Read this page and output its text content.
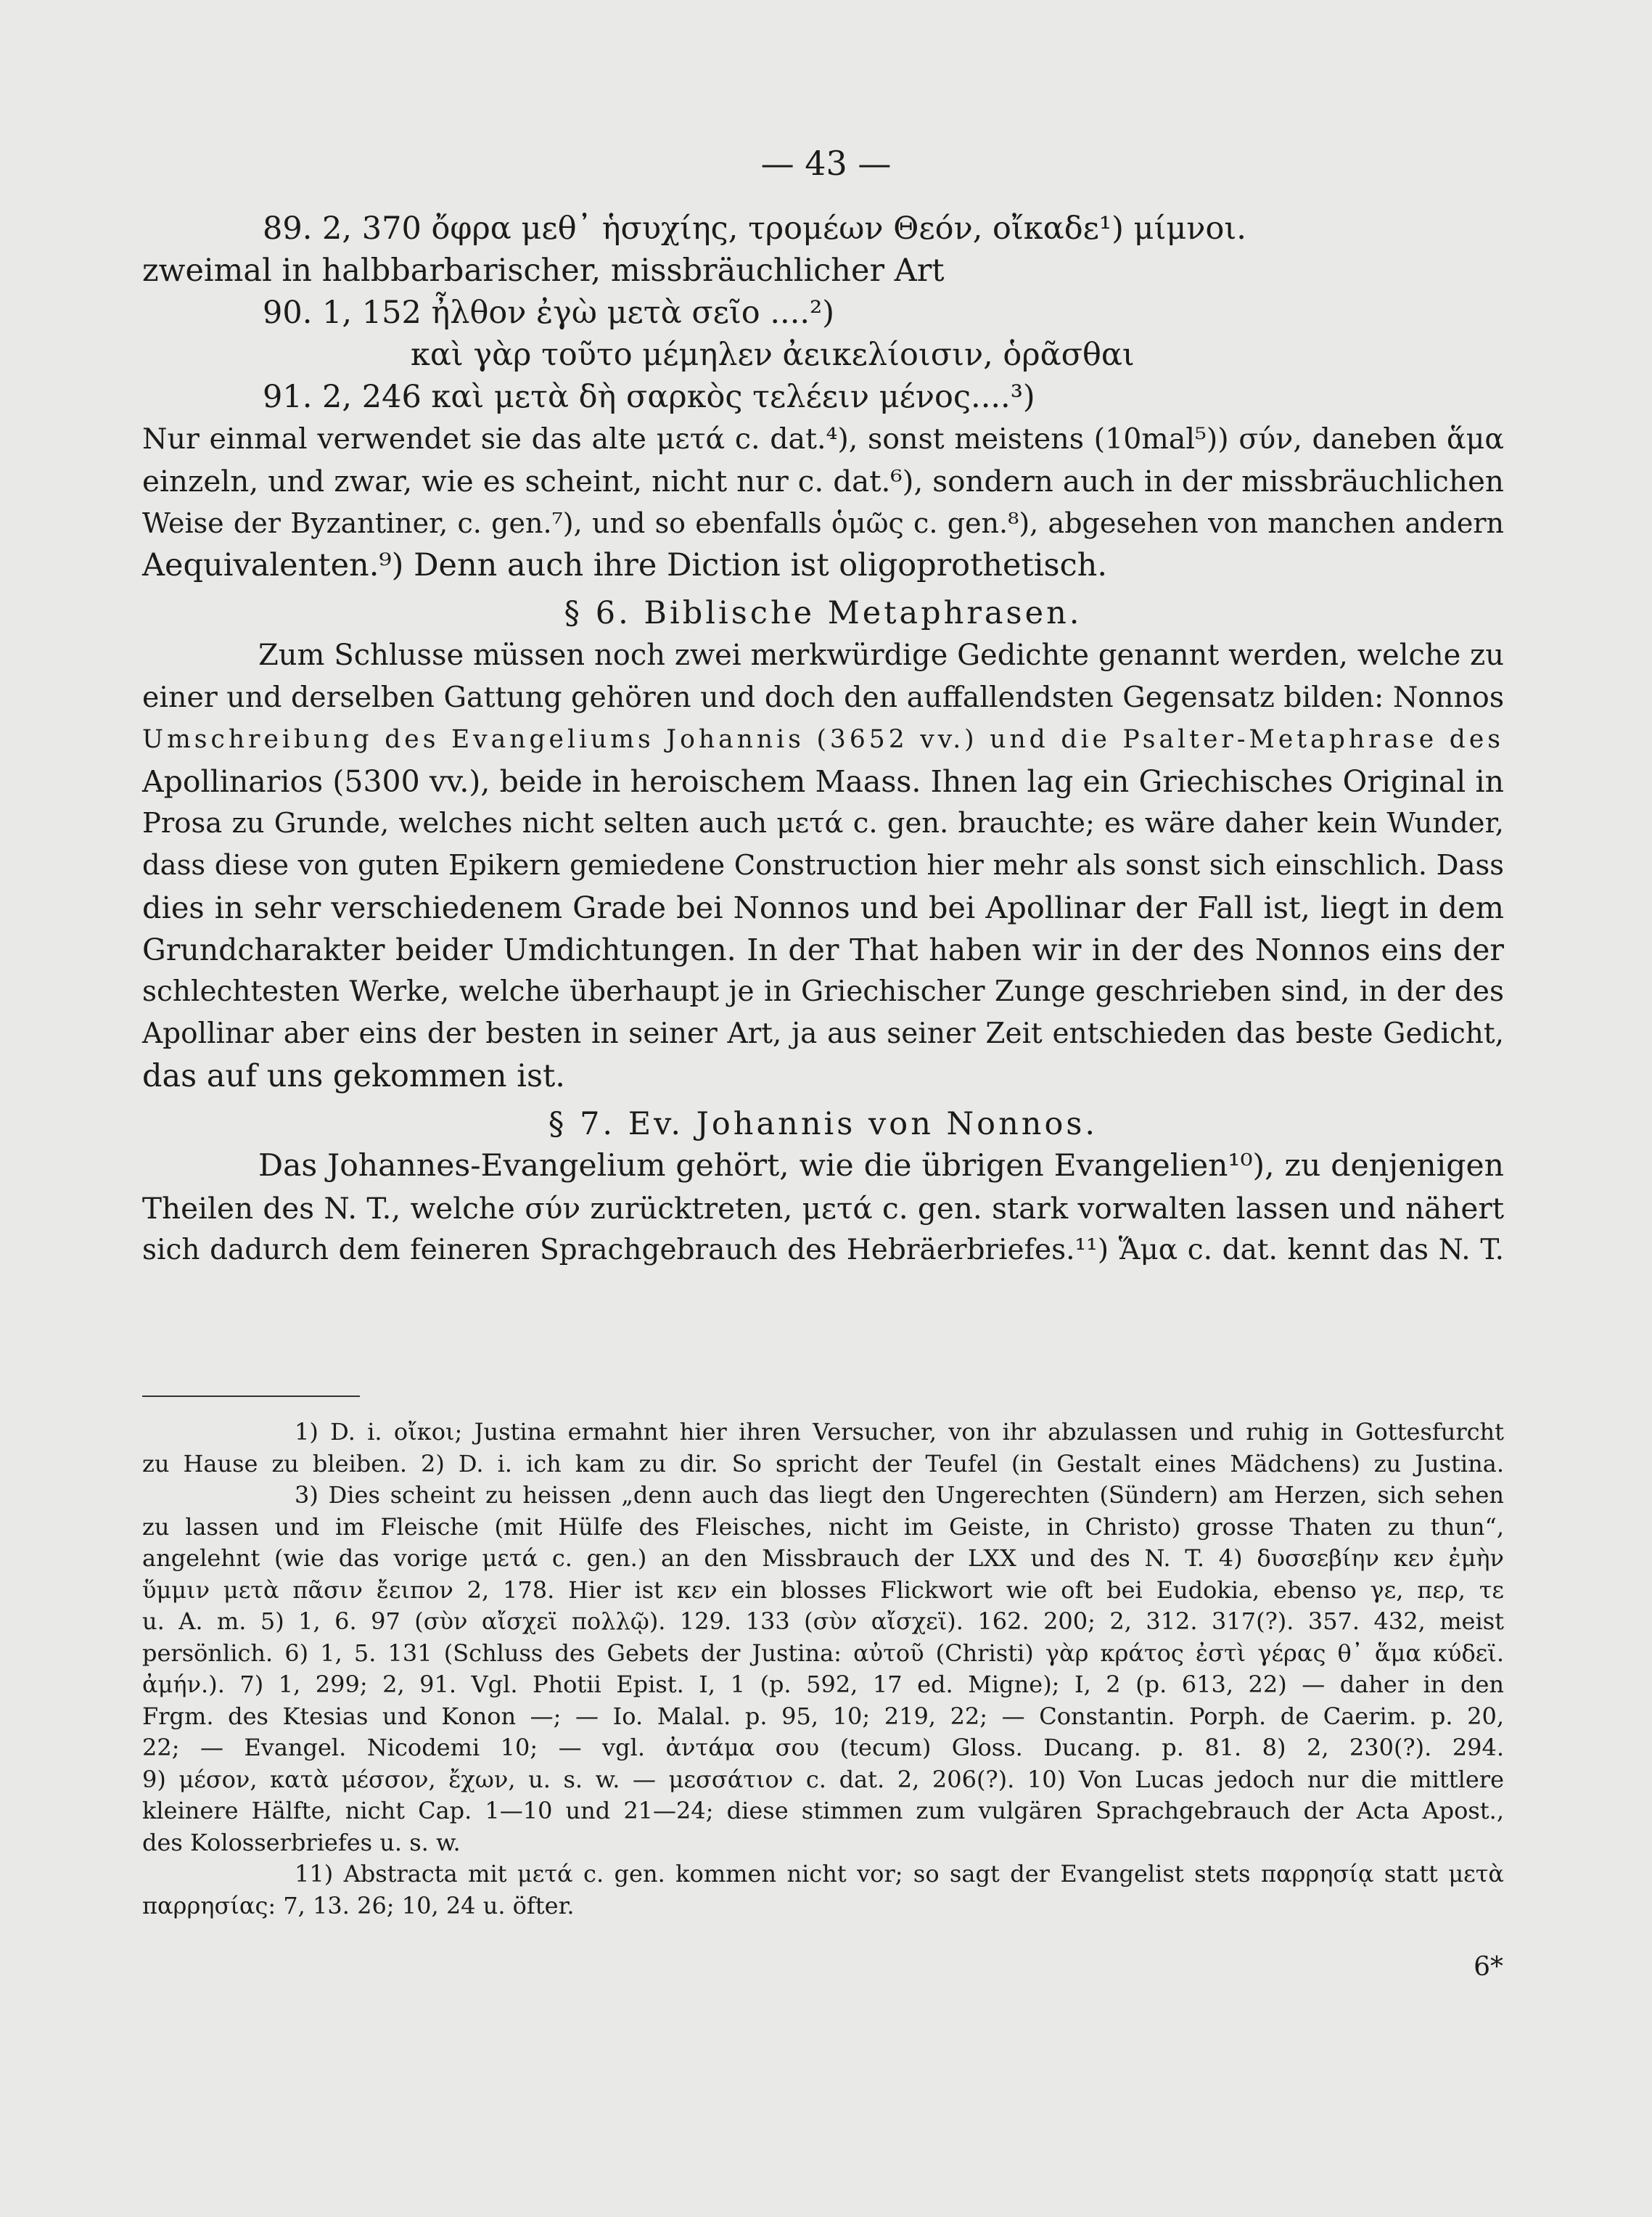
— 43 —
89. 2, 370 ὄφρα μεθ᾽ ἡσυχίης, τρομέων Θεόν, οἴκαδε¹) μίμνοι.
zweimal in halbbarbarischer, missbräuchlicher Art
90. 1, 152 ἦλθον ἐγὼ μετὰ σεῖο ....²)
καὶ γὰρ τοῦτο μέμηλεν ἀεικελίοισιν, ὁρᾶσθαι
91. 2, 246 καὶ μετὰ δὴ σαρκὸς τελέειν μένος....³)
Nur einmal verwendet sie das alte μετά c. dat.⁴), sonst meistens (10mal⁵)) σύν, daneben ἅμα
einzeln, und zwar, wie es scheint, nicht nur c. dat.⁶), sondern auch in der missbräuchlichen
Weise der Byzantiner, c. gen.⁷), und so ebenfalls ὁμῶς c. gen.⁸), abgesehen von manchen andern
Aequivalenten.⁹) Denn auch ihre Diction ist oligoprothetisch.
§ 6. Biblische Metaphrasen.
Zum Schlusse müssen noch zwei merkwürdige Gedichte genannt werden, welche zu
einer und derselben Gattung gehören und doch den auffallendsten Gegensatz bilden: Nonnos
Umschreibung des Evangeliums Johannis (3652 vv.) und die Psalter-Metaphrase des
Apollinarios (5300 vv.), beide in heroischem Maass. Ihnen lag ein Griechisches Original in
Prosa zu Grunde, welches nicht selten auch μετά c. gen. brauchte; es wäre daher kein Wunder,
dass diese von guten Epikern gemiedene Construction hier mehr als sonst sich einschlich. Dass
dies in sehr verschiedenem Grade bei Nonnos und bei Apollinar der Fall ist, liegt in dem
Grundcharakter beider Umdichtungen. In der That haben wir in der des Nonnos eins der
schlechtesten Werke, welche überhaupt je in Griechischer Zunge geschrieben sind, in der des
Apollinar aber eins der besten in seiner Art, ja aus seiner Zeit entschieden das beste Gedicht,
das auf uns gekommen ist.
§ 7. Ev. Johannis von Nonnos.
Das Johannes-Evangelium gehört, wie die übrigen Evangelien¹⁰), zu denjenigen
Theilen des N. T., welche σύν zurücktreten, μετά c. gen. stark vorwalten lassen und nähert
sich dadurch dem feineren Sprachgebrauch des Hebräerbriefes.¹¹) Ἅμα c. dat. kennt das N. T.
1) D. i. οἴκοι; Justina ermahnt hier ihren Versucher, von ihr abzulassen und ruhig in Gottesfurcht
zu Hause zu bleiben. 2) D. i. ich kam zu dir. So spricht der Teufel (in Gestalt eines Mädchens) zu Justina.
3) Dies scheint zu heissen „denn auch das liegt den Ungerechten (Sündern) am Herzen, sich sehen
zu lassen und im Fleische (mit Hülfe des Fleisches, nicht im Geiste, in Christo) grosse Thaten zu thun“,
angelehnt (wie das vorige μετά c. gen.) an den Missbrauch der LXX und des N. T. 4) δυσσεβίην κεν ἐμὴν
ὕμμιν μετὰ πᾶσιν ἔειπον 2, 178. Hier ist κεν ein blosses Flickwort wie oft bei Eudokia, ebenso γε, περ, τε
u. A. m. 5) 1, 6. 97 (σὺν αἴσχεϊ πολλῷ). 129. 133 (σὺν αἴσχεϊ). 162. 200; 2, 312. 317(?). 357. 432, meist
persönlich. 6) 1, 5. 131 (Schluss des Gebets der Justina: αὐτοῦ (Christi) γὰρ κράτος ἐστὶ γέρας θ᾽ ἅμα κύδεϊ.
ἀμήν.). 7) 1, 299; 2, 91. Vgl. Photii Epist. I, 1 (p. 592, 17 ed. Migne); I, 2 (p. 613, 22) — daher in den
Frgm. des Ktesias und Konon —; — Io. Malal. p. 95, 10; 219, 22; — Constantin. Porph. de Caerim. p. 20,
22; — Evangel. Nicodemi 10; — vgl. ἀντάμα σου (tecum) Gloss. Ducang. p. 81. 8) 2, 230(?). 294.
9) μέσον, κατὰ μέσσον, ἔχων, u. s. w. — μεσσάτιον c. dat. 2, 206(?). 10) Von Lucas jedoch nur die mittlere
kleinere Hälfte, nicht Cap. 1—10 und 21—24; diese stimmen zum vulgären Sprachgebrauch der Acta Apost.,
des Kolosserbriefes u. s. w.
11) Abstracta mit μετά c. gen. kommen nicht vor; so sagt der Evangelist stets παρρησίᾳ statt μετὰ
παρρησίας: 7, 13. 26; 10, 24 u. öfter.
6*
